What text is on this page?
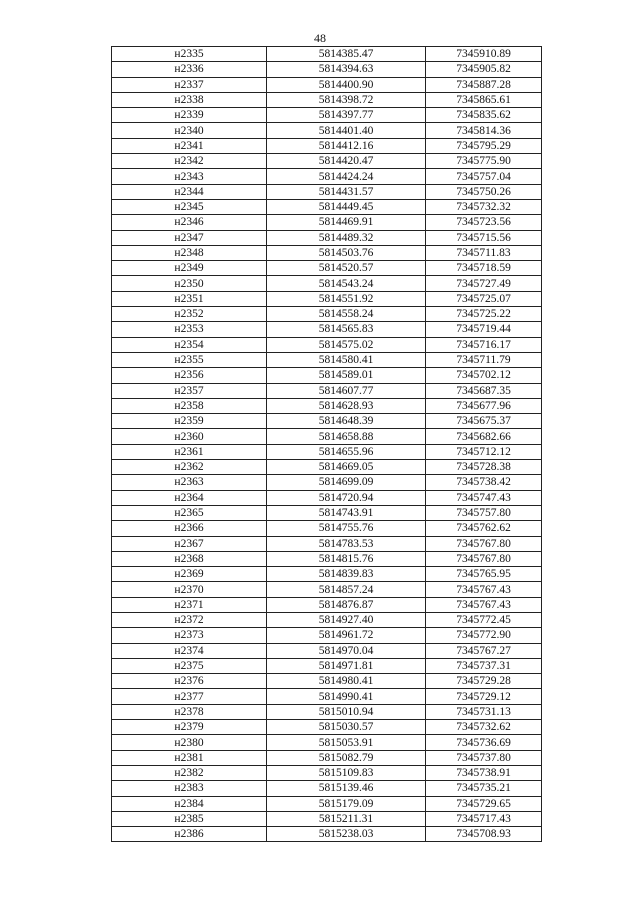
48
н2335	5814385.47	7345910.89
н2336	5814394.63	7345905.82
н2337	5814400.90	7345887.28
н2338	5814398.72	7345865.61
н2339	5814397.77	7345835.62
н2340	5814401.40	7345814.36
н2341	5814412.16	7345795.29
н2342	5814420.47	7345775.90
н2343	5814424.24	7345757.04
н2344	5814431.57	7345750.26
н2345	5814449.45	7345732.32
н2346	5814469.91	7345723.56
н2347	5814489.32	7345715.56
н2348	5814503.76	7345711.83
н2349	5814520.57	7345718.59
н2350	5814543.24	7345727.49
н2351	5814551.92	7345725.07
н2352	5814558.24	7345725.22
н2353	5814565.83	7345719.44
н2354	5814575.02	7345716.17
н2355	5814580.41	7345711.79
н2356	5814589.01	7345702.12
н2357	5814607.77	7345687.35
н2358	5814628.93	7345677.96
н2359	5814648.39	7345675.37
н2360	5814658.88	7345682.66
н2361	5814655.96	7345712.12
н2362	5814669.05	7345728.38
н2363	5814699.09	7345738.42
н2364	5814720.94	7345747.43
н2365	5814743.91	7345757.80
н2366	5814755.76	7345762.62
н2367	5814783.53	7345767.80
н2368	5814815.76	7345767.80
н2369	5814839.83	7345765.95
н2370	5814857.24	7345767.43
н2371	5814876.87	7345767.43
н2372	5814927.40	7345772.45
н2373	5814961.72	7345772.90
н2374	5814970.04	7345767.27
н2375	5814971.81	7345737.31
н2376	5814980.41	7345729.28
н2377	5814990.41	7345729.12
н2378	5815010.94	7345731.13
н2379	5815030.57	7345732.62
н2380	5815053.91	7345736.69
н2381	5815082.79	7345737.80
н2382	5815109.83	7345738.91
н2383	5815139.46	7345735.21
н2384	5815179.09	7345729.65
н2385	5815211.31	7345717.43
н2386	5815238.03	7345708.93
